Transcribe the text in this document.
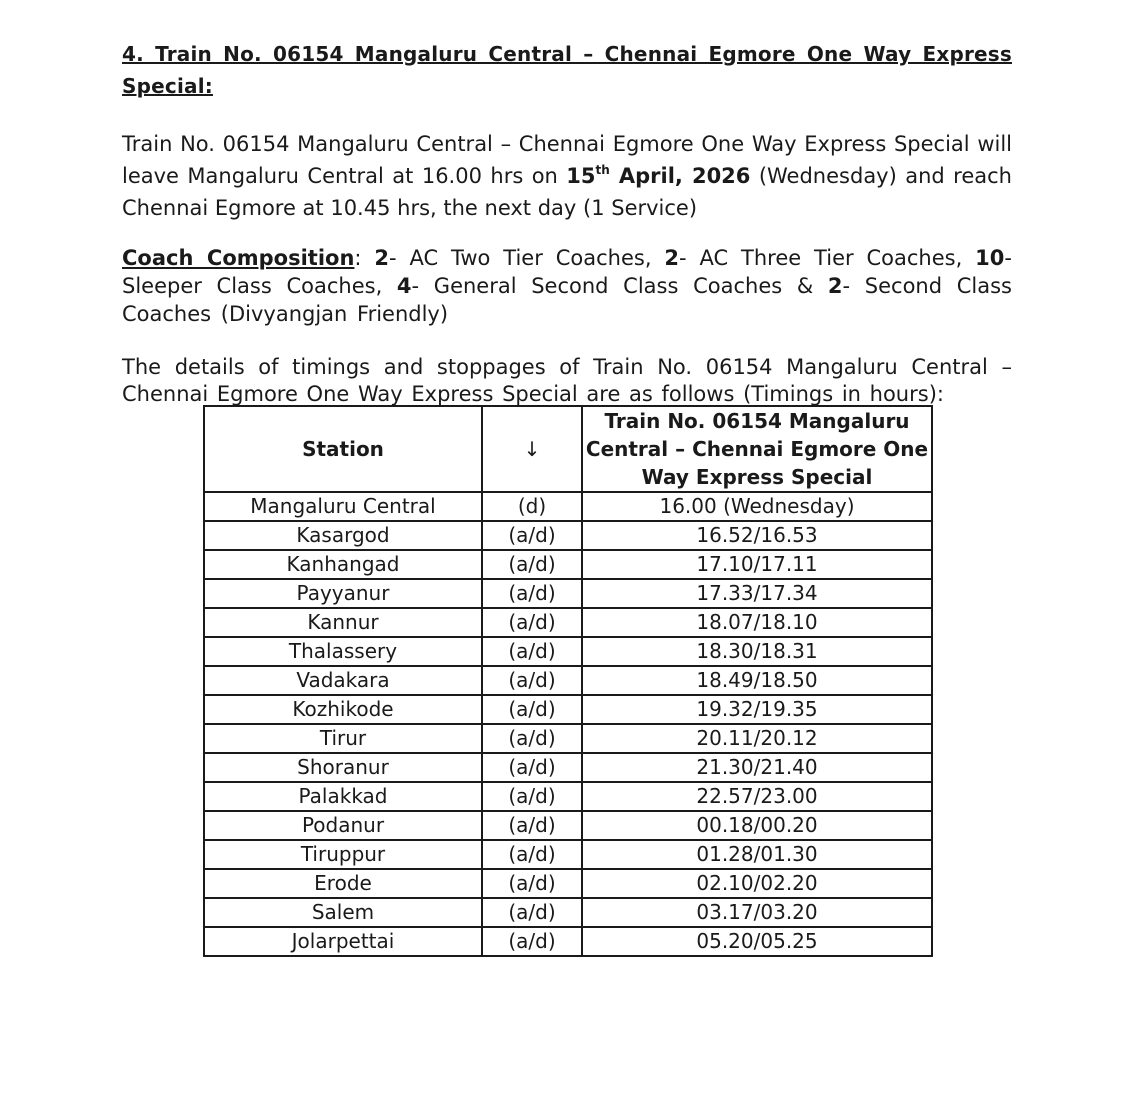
4. Train No. 06154 Mangaluru Central – Chennai Egmore One Way Express Special:

Train No. 06154 Mangaluru Central – Chennai Egmore One Way Express Special will leave Mangaluru Central at 16.00 hrs on 15th April, 2026 (Wednesday) and reach Chennai Egmore at 10.45 hrs, the next day (1 Service)

Coach Composition: 2- AC Two Tier Coaches, 2- AC Three Tier Coaches, 10- Sleeper Class Coaches, 4- General Second Class Coaches & 2- Second Class Coaches (Divyangjan Friendly)

The details of timings and stoppages of Train No. 06154 Mangaluru Central – Chennai Egmore One Way Express Special are as follows (Timings in hours):

Station	↓	Train No. 06154 Mangaluru Central – Chennai Egmore One Way Express Special
Mangaluru Central	(d)	16.00 (Wednesday)
Kasargod	(a/d)	16.52/16.53
Kanhangad	(a/d)	17.10/17.11
Payyanur	(a/d)	17.33/17.34
Kannur	(a/d)	18.07/18.10
Thalassery	(a/d)	18.30/18.31
Vadakara	(a/d)	18.49/18.50
Kozhikode	(a/d)	19.32/19.35
Tirur	(a/d)	20.11/20.12
Shoranur	(a/d)	21.30/21.40
Palakkad	(a/d)	22.57/23.00
Podanur	(a/d)	00.18/00.20
Tiruppur	(a/d)	01.28/01.30
Erode	(a/d)	02.10/02.20
Salem	(a/d)	03.17/03.20
Jolarpettai	(a/d)	05.20/05.25
